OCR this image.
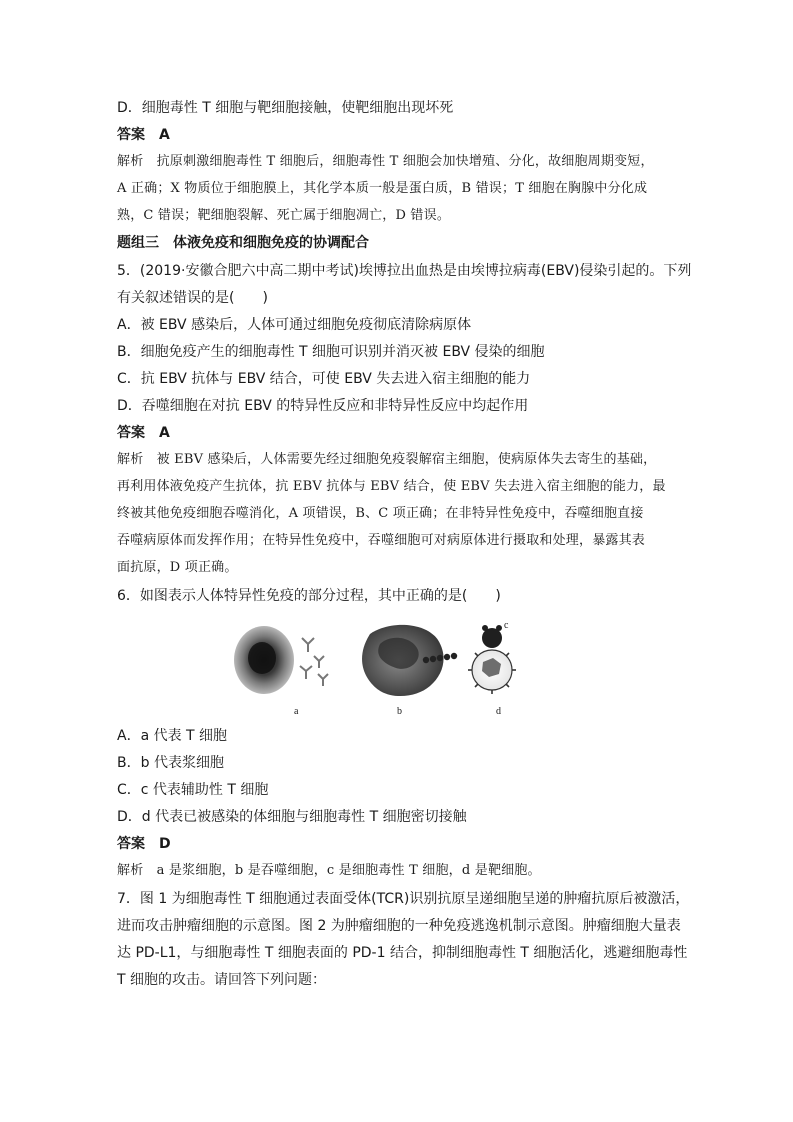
D．细胞毒性 T 细胞与靶细胞接触，使靶细胞出现坏死
答案 A
解析　抗原刺激细胞毒性 T 细胞后，细胞毒性 T 细胞会加快增殖、分化，故细胞周期变短，
A 正确；X 物质位于细胞膜上，其化学本质一般是蛋白质，B 错误；T 细胞在胸腺中分化成
熟，C 错误；靶细胞裂解、死亡属于细胞凋亡，D 错误。
题组三　体液免疫和细胞免疫的协调配合
5．(2019·安徽合肥六中高二期中考试)埃博拉出血热是由埃博拉病毒(EBV)侵染引起的。下列
有关叙述错误的是(　　)
A．被 EBV 感染后，人体可通过细胞免疫彻底清除病原体
B．细胞免疫产生的细胞毒性 T 细胞可识别并消灭被 EBV 侵染的细胞
C．抗 EBV 抗体与 EBV 结合，可使 EBV 失去进入宿主细胞的能力
D．吞噬细胞在对抗 EBV 的特异性反应和非特异性反应中均起作用
答案 A
解析　被 EBV 感染后，人体需要先经过细胞免疫裂解宿主细胞，使病原体失去寄生的基础，
再利用体液免疫产生抗体，抗 EBV 抗体与 EBV 结合，使 EBV 失去进入宿主细胞的能力，最
终被其他免疫细胞吞噬消化，A 项错误，B、C 项正确；在非特异性免疫中，吞噬细胞直接
吞噬病原体而发挥作用；在特异性免疫中，吞噬细胞可对病原体进行摄取和处理，暴露其表
面抗原，D 项正确。
6．如图表示人体特异性免疫的部分过程，其中正确的是(　　)
a	b	d
c
A．a 代表 T 细胞
B．b 代表浆细胞
C．c 代表辅助性 T 细胞
D．d 代表已被感染的体细胞与细胞毒性 T 细胞密切接触
答案 D
解析　a 是浆细胞，b 是吞噬细胞，c 是细胞毒性 T 细胞，d 是靶细胞。
7．图 1 为细胞毒性 T 细胞通过表面受体(TCR)识别抗原呈递细胞呈递的肿瘤抗原后被激活，
进而攻击肿瘤细胞的示意图。图 2 为肿瘤细胞的一种免疫逃逸机制示意图。肿瘤细胞大量表
达 PD-L1，与细胞毒性 T 细胞表面的 PD-1 结合，抑制细胞毒性 T 细胞活化，逃避细胞毒性
T 细胞的攻击。请回答下列问题：
